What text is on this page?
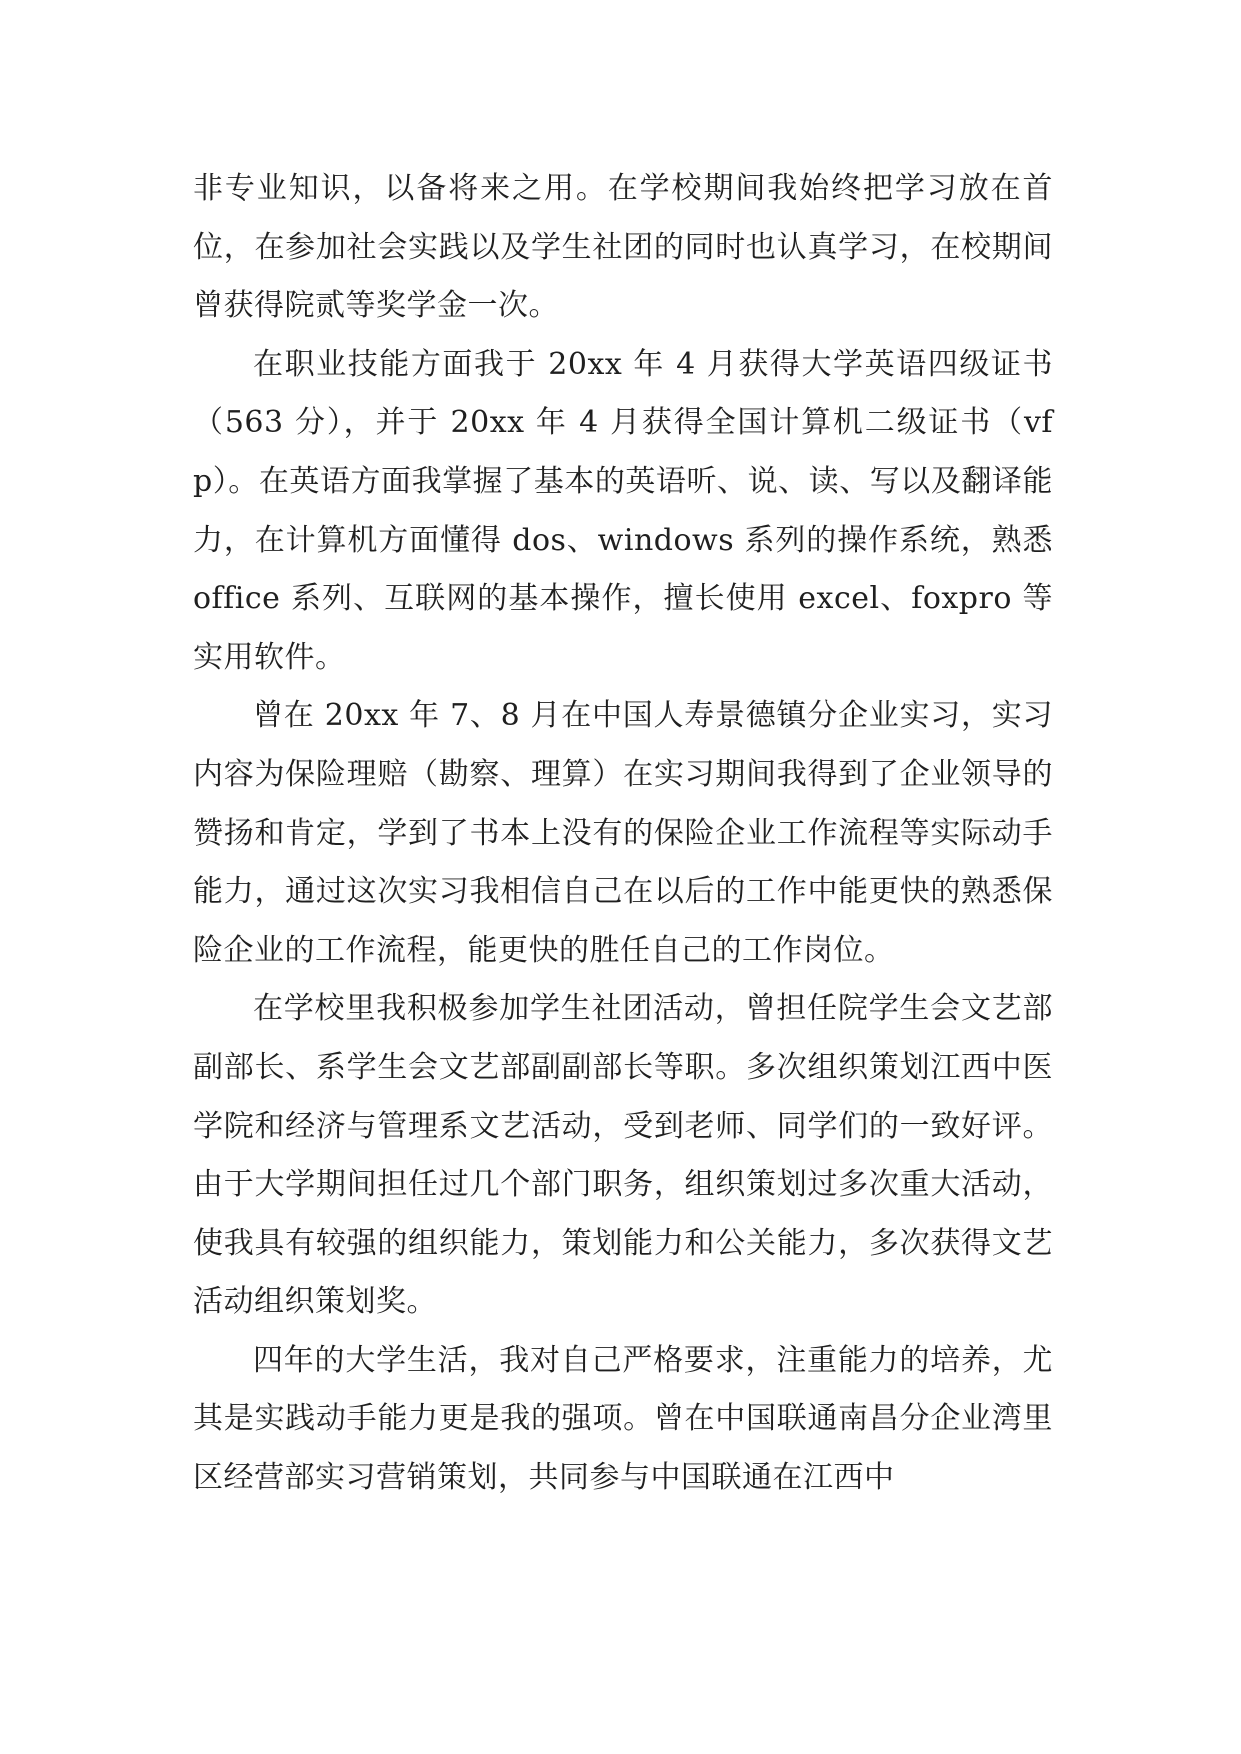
非专业知识，以备将来之用。在学校期间我始终把学习放在首位，在参加社会实践以及学生社团的同时也认真学习，在校期间曾获得院贰等奖学金一次。

在职业技能方面我于 20xx 年 4 月获得大学英语四级证书（563 分），并于 20xx 年 4 月获得全国计算机二级证书（vfp）。在英语方面我掌握了基本的英语听、说、读、写以及翻译能力，在计算机方面懂得 dos、windows 系列的操作系统，熟悉 office 系列、互联网的基本操作，擅长使用 excel、foxpro 等实用软件。

曾在 20xx 年 7、8 月在中国人寿景德镇分企业实习，实习内容为保险理赔（勘察、理算）在实习期间我得到了企业领导的赞扬和肯定，学到了书本上没有的保险企业工作流程等实际动手能力，通过这次实习我相信自己在以后的工作中能更快的熟悉保险企业的工作流程，能更快的胜任自己的工作岗位。

在学校里我积极参加学生社团活动，曾担任院学生会文艺部副部长、系学生会文艺部副副部长等职。多次组织策划江西中医学院和经济与管理系文艺活动，受到老师、同学们的一致好评。由于大学期间担任过几个部门职务，组织策划过多次重大活动，使我具有较强的组织能力，策划能力和公关能力，多次获得文艺活动组织策划奖。

四年的大学生活，我对自己严格要求，注重能力的培养，尤其是实践动手能力更是我的强项。曾在中国联通南昌分企业湾里区经营部实习营销策划，共同参与中国联通在江西中
